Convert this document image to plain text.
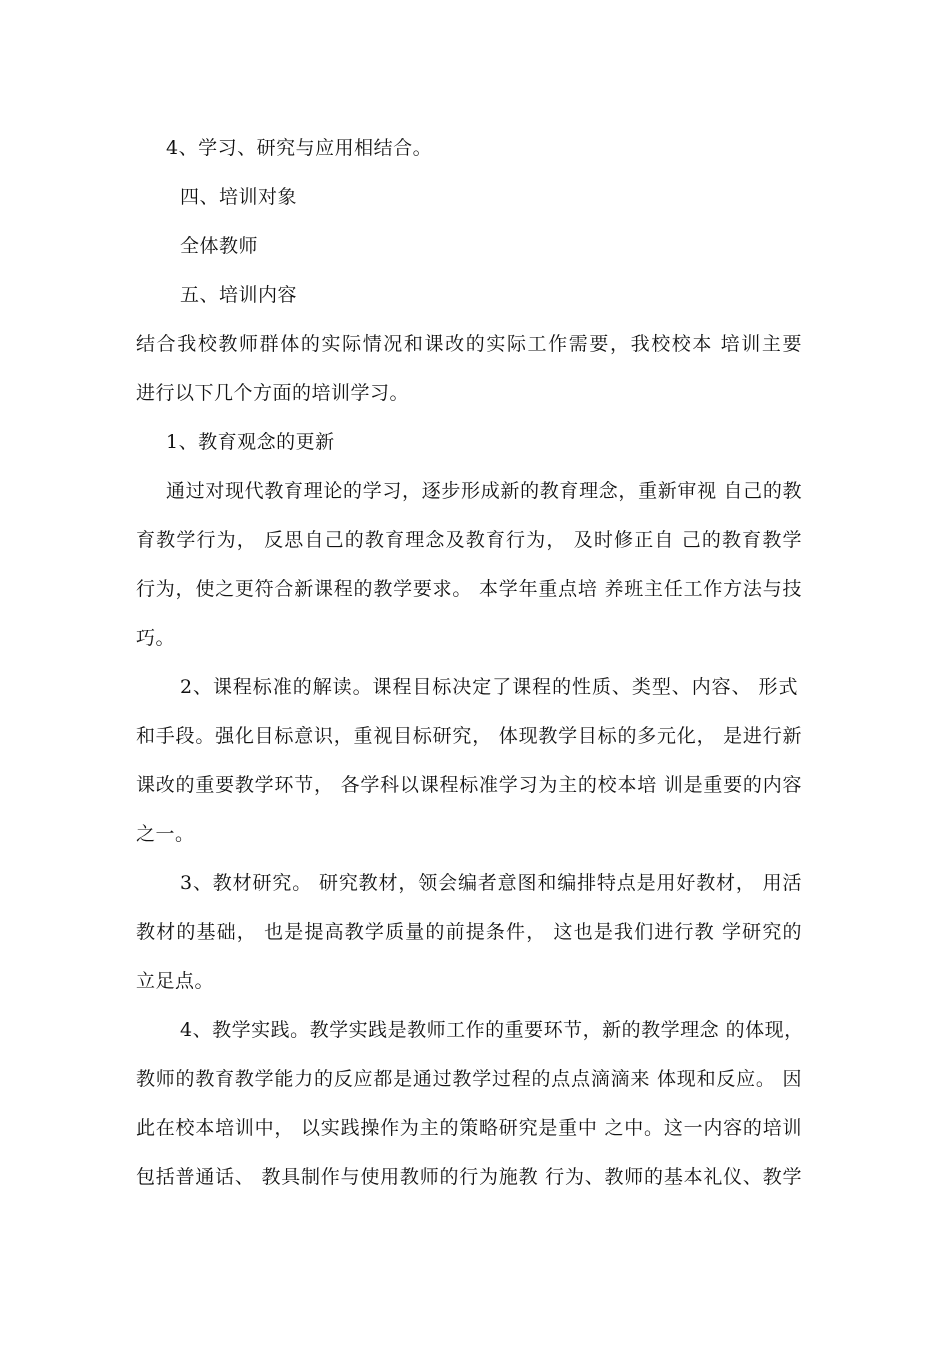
4、学习、研究与应用相结合。
四、培训对象
全体教师
五、培训内容
结合我校教师群体的实际情况和课改的实际工作需要，我校校本 培训主要
进行以下几个方面的培训学习。
1、教育观念的更新
通过对现代教育理论的学习，逐步形成新的教育理念，重新审视 自己的教
育教学行为， 反思自己的教育理念及教育行为， 及时修正自 己的教育教学
行为，使之更符合新课程的教学要求。 本学年重点培 养班主任工作方法与技
巧。
2、课程标准的解读。课程目标决定了课程的性质、类型、内容、 形式
和手段。强化目标意识，重视目标研究， 体现教学目标的多元化， 是进行新
课改的重要教学环节， 各学科以课程标准学习为主的校本培 训是重要的内容
之一。
3、教材研究。 研究教材，领会编者意图和编排特点是用好教材， 用活
教材的基础， 也是提高教学质量的前提条件， 这也是我们进行教 学研究的
立足点。
4、教学实践。教学实践是教师工作的重要环节，新的教学理念 的体现，
教师的教育教学能力的反应都是通过教学过程的点点滴滴来 体现和反应。 因
此在校本培训中， 以实践操作为主的策略研究是重中 之中。这一内容的培训
包括普通话、 教具制作与使用教师的行为施教 行为、教师的基本礼仪、教学
